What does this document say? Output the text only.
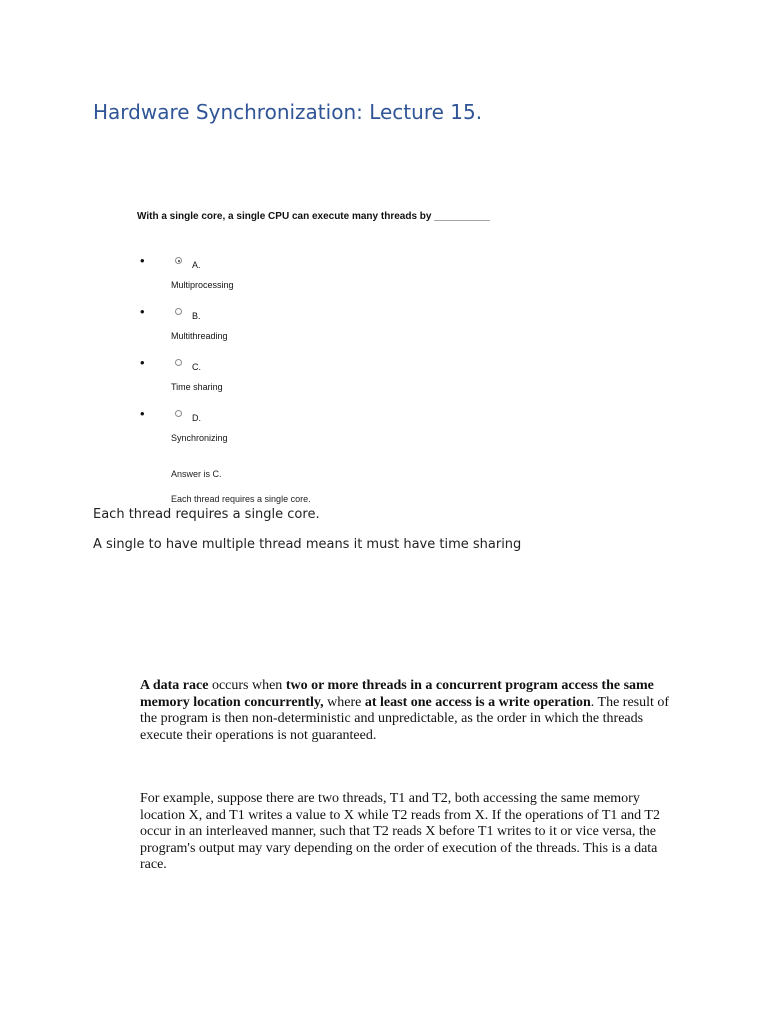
Hardware Synchronization: Lecture 15.
With a single core, a single CPU can execute many threads by __________
•	A.
Multiprocessing
•	B.
Multithreading
•	C.
Time sharing
•	D.
Synchronizing
Answer is C.
Each thread requires a single core.
Each thread requires a single core.
A single to have multiple thread means it must have time sharing
A data race occurs when two or more threads in a concurrent program access the same memory location concurrently, where at least one access is a write operation. The result of the program is then non-deterministic and unpredictable, as the order in which the threads execute their operations is not guaranteed.
For example, suppose there are two threads, T1 and T2, both accessing the same memory location X, and T1 writes a value to X while T2 reads from X. If the operations of T1 and T2 occur in an interleaved manner, such that T2 reads X before T1 writes to it or vice versa, the program's output may vary depending on the order of execution of the threads. This is a data race.
